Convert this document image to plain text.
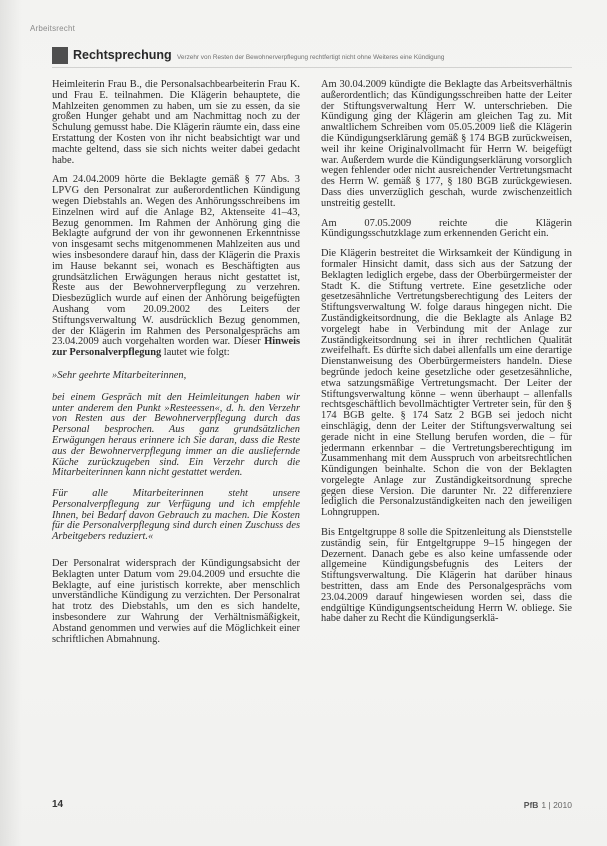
Arbeitsrecht
Rechtsprechung Verzehr von Resten der Bewohnerverpflegung rechtfertigt nicht ohne Weiteres eine Kündigung

Heimleiterin Frau B., die Personalsachbearbeiterin Frau K. und Frau E. teilnahmen. Die Klägerin behauptete, die Mahlzeiten genommen zu haben, um sie zu essen, da sie großen Hunger gehabt und am Nachmittag noch zu der Schulung gemusst habe. Die Klägerin räumte ein, dass eine Erstattung der Kosten von ihr nicht beabsichtigt war und machte geltend, dass sie sich nichts weiter dabei gedacht habe.

Am 24.04.2009 hörte die Beklagte gemäß § 77 Abs. 3 LPVG den Personalrat zur außerordentlichen Kündigung wegen Diebstahls an. Wegen des Anhörungsschreibens im Einzelnen wird auf die Anlage B2, Aktenseite 41–43, Bezug genommen. Im Rahmen der Anhörung ging die Beklagte aufgrund der von ihr gewonnenen Erkenntnisse von insgesamt sechs mitgenommenen Mahlzeiten aus und wies insbesondere darauf hin, dass der Klägerin die Praxis im Hause bekannt sei, wonach es Beschäftigten aus grundsätzlichen Erwägungen heraus nicht gestattet ist, Reste aus der Bewohnerverpflegung zu verzehren. Diesbezüglich wurde auf einen der Anhörung beigefügten Aushang vom 20.09.2002 des Leiters der Stiftungsverwaltung W. ausdrücklich Bezug genommen, der der Klägerin im Rahmen des Personalgesprächs am 23.04.2009 auch vorgehalten worden war. Dieser Hinweis zur Personalverpflegung lautet wie folgt:

»Sehr geehrte Mitarbeiterinnen,

bei einem Gespräch mit den Heimleitungen haben wir unter anderem den Punkt »Resteessen«, d. h. den Verzehr von Resten aus der Bewohnerverpflegung durch das Personal besprochen. Aus ganz grundsätzlichen Erwägungen heraus erinnere ich Sie daran, dass die Reste aus der Bewohnerverpflegung immer an die ausliefernde Küche zurückzugeben sind. Ein Verzehr durch die Mitarbeiterinnen kann nicht gestattet werden.

Für alle Mitarbeiterinnen steht unsere Personalverpflegung zur Verfügung und ich empfehle Ihnen, bei Bedarf davon Gebrauch zu machen. Die Kosten für die Personalverpflegung sind durch einen Zuschuss des Arbeitgebers reduziert.«

Der Personalrat widersprach der Kündigungsabsicht der Beklagten unter Datum vom 29.04.2009 und ersuchte die Beklagte, auf eine juristisch korrekte, aber menschlich unverständliche Kündigung zu verzichten. Der Personalrat hat trotz des Diebstahls, um den es sich handelte, insbesondere zur Wahrung der Verhältnismäßigkeit, Abstand genommen und verwies auf die Möglichkeit einer schriftlichen Abmahnung.

Am 30.04.2009 kündigte die Beklagte das Arbeitsverhältnis außerordentlich; das Kündigungsschreiben hatte der Leiter der Stiftungsverwaltung Herr W. unterschrieben. Die Kündigung ging der Klägerin am gleichen Tag zu. Mit anwaltlichem Schreiben vom 05.05.2009 ließ die Klägerin die Kündigungserklärung gemäß § 174 BGB zurückweisen, weil ihr keine Originalvollmacht für Herrn W. beigefügt war. Außerdem wurde die Kündigungserklärung vorsorglich wegen fehlender oder nicht ausreichender Vertretungsmacht des Herrn W. gemäß § 177, § 180 BGB zurückgewiesen. Dass dies unverzüglich geschah, wurde zwischenzeitlich unstreitig gestellt.

Am 07.05.2009 reichte die Klägerin Kündigungsschutzklage zum erkennenden Gericht ein.

Die Klägerin bestreitet die Wirksamkeit der Kündigung in formaler Hinsicht damit, dass sich aus der Satzung der Beklagten lediglich ergebe, dass der Oberbürgermeister der Stadt K. die Stiftung vertrete. Eine gesetzliche oder gesetzesähnliche Vertretungsberechtigung des Leiters der Stiftungsverwaltung W. folge daraus hingegen nicht. Die Zuständigkeitsordnung, die die Beklagte als Anlage B2 vorgelegt habe in Verbindung mit der Anlage zur Zuständigkeitsordnung sei in ihrer rechtlichen Qualität zweifelhaft. Es dürfte sich dabei allenfalls um eine derartige Dienstanweisung des Oberbürgermeisters handeln. Diese begründe jedoch keine gesetzliche oder gesetzesähnliche, etwa satzungsmäßige Vertretungsmacht. Der Leiter der Stiftungsverwaltung könne – wenn überhaupt – allenfalls rechtsgeschäftlich bevollmächtigter Vertreter sein, für den § 174 BGB gelte. § 174 Satz 2 BGB sei jedoch nicht einschlägig, denn der Leiter der Stiftungsverwaltung sei gerade nicht in eine Stellung berufen worden, die – für jedermann erkennbar – die Vertretungsberechtigung im Zusammenhang mit dem Ausspruch von arbeitsrechtlichen Kündigungen beinhalte. Schon die von der Beklagten vorgelegte Anlage zur Zuständigkeitsordnung spreche gegen diese Version. Die darunter Nr. 22 differenziere lediglich die Personalzuständigkeiten nach den jeweiligen Lohngruppen.

Bis Entgeltgruppe 8 solle die Spitzenleitung als Dienststelle zuständig sein, für Entgeltgruppe 9–15 hingegen der Dezernent. Danach gebe es also keine umfassende oder allgemeine Kündigungsbefugnis des Leiters der Stiftungsverwaltung. Die Klägerin hat darüber hinaus bestritten, dass am Ende des Personalgesprächs vom 23.04.2009 darauf hingewiesen worden sei, dass die endgültige Kündigungsentscheidung Herrn W. obliege. Sie habe daher zu Recht die Kündigungserklä-

14	PfB 1 | 2010
